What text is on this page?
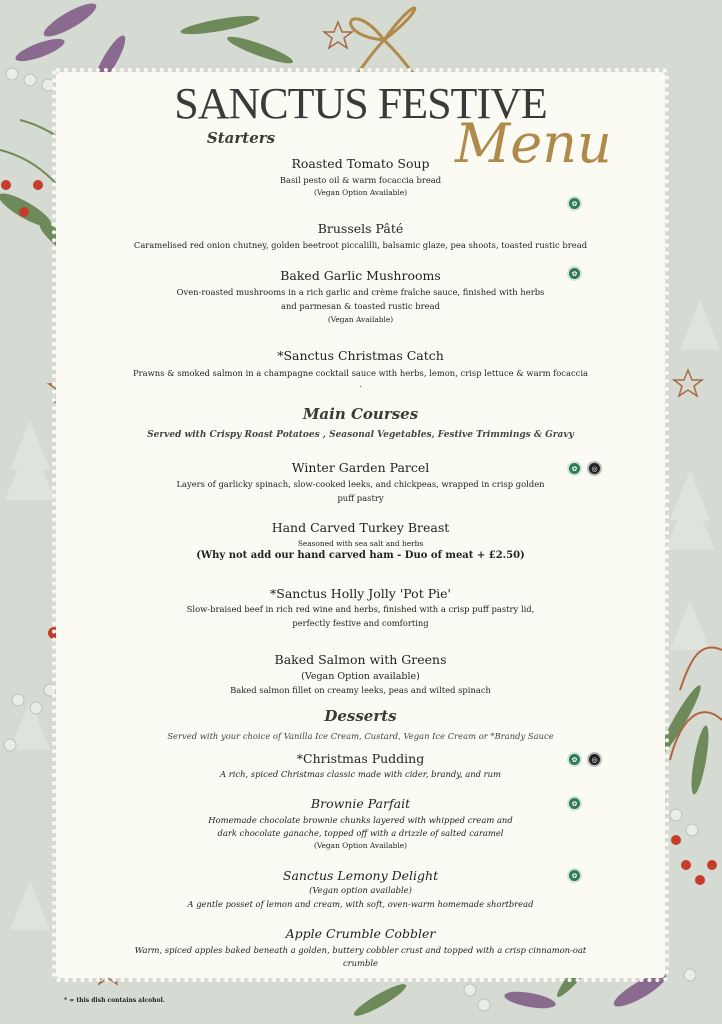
SANCTUS FESTIVE
Menu
Starters
Roasted Tomato Soup
Basil pesto oil & warm focaccia bread
(Vegan Option Available)
✿
Brussels Pâté
Caramelised red onion chutney, golden beetroot piccalilli, balsamic glaze, pea shoots, toasted rustic bread
Baked Garlic Mushrooms
Oven-roasted mushrooms in a rich garlic and crème fraîche sauce, finished with herbs
and parmesan & toasted rustic bread
(Vegan Available)
✿
*Sanctus Christmas Catch
Prawns & smoked salmon in a champagne cocktail sauce with herbs, lemon, crisp lettuce & warm focaccia
.
Main Courses
Served with Crispy Roast Potatoes , Seasonal Vegetables, Festive Trimmings & Gravy
Winter Garden Parcel
Layers of garlicky spinach, slow-cooked leeks, and chickpeas, wrapped in crisp golden
puff pastry
✿	◎
Hand Carved Turkey Breast
Seasoned with sea salt and herbs
(Why not add our hand carved ham - Duo of meat + £2.50)
*Sanctus Holly Jolly 'Pot Pie'
Slow-braised beef in rich red wine and herbs, finished with a crisp puff pastry lid,
perfectly festive and comforting
Baked Salmon with Greens
(Vegan Option available)
Baked salmon fillet on creamy leeks, peas and wilted spinach
Desserts
Served with your choice of Vanilla Ice Cream, Custard, Vegan Ice Cream or *Brandy Sauce
*Christmas Pudding
A rich, spiced Christmas classic made with cider, brandy, and rum
✿	◎
Brownie Parfait
Homemade chocolate brownie chunks layered with whipped cream and
dark chocolate ganache, topped off with a drizzle of salted caramel
(Vegan Option Available)
✿
Sanctus Lemony Delight
(Vegan option available)
A gentle posset of lemon and cream, with soft, oven-warm homemade shortbread
✿
Apple Crumble Cobbler
Warm, spiced apples baked beneath a golden, buttery cobbler crust and topped with a crisp cinnamon-oat
crumble
* = this dish contains alcohol.
